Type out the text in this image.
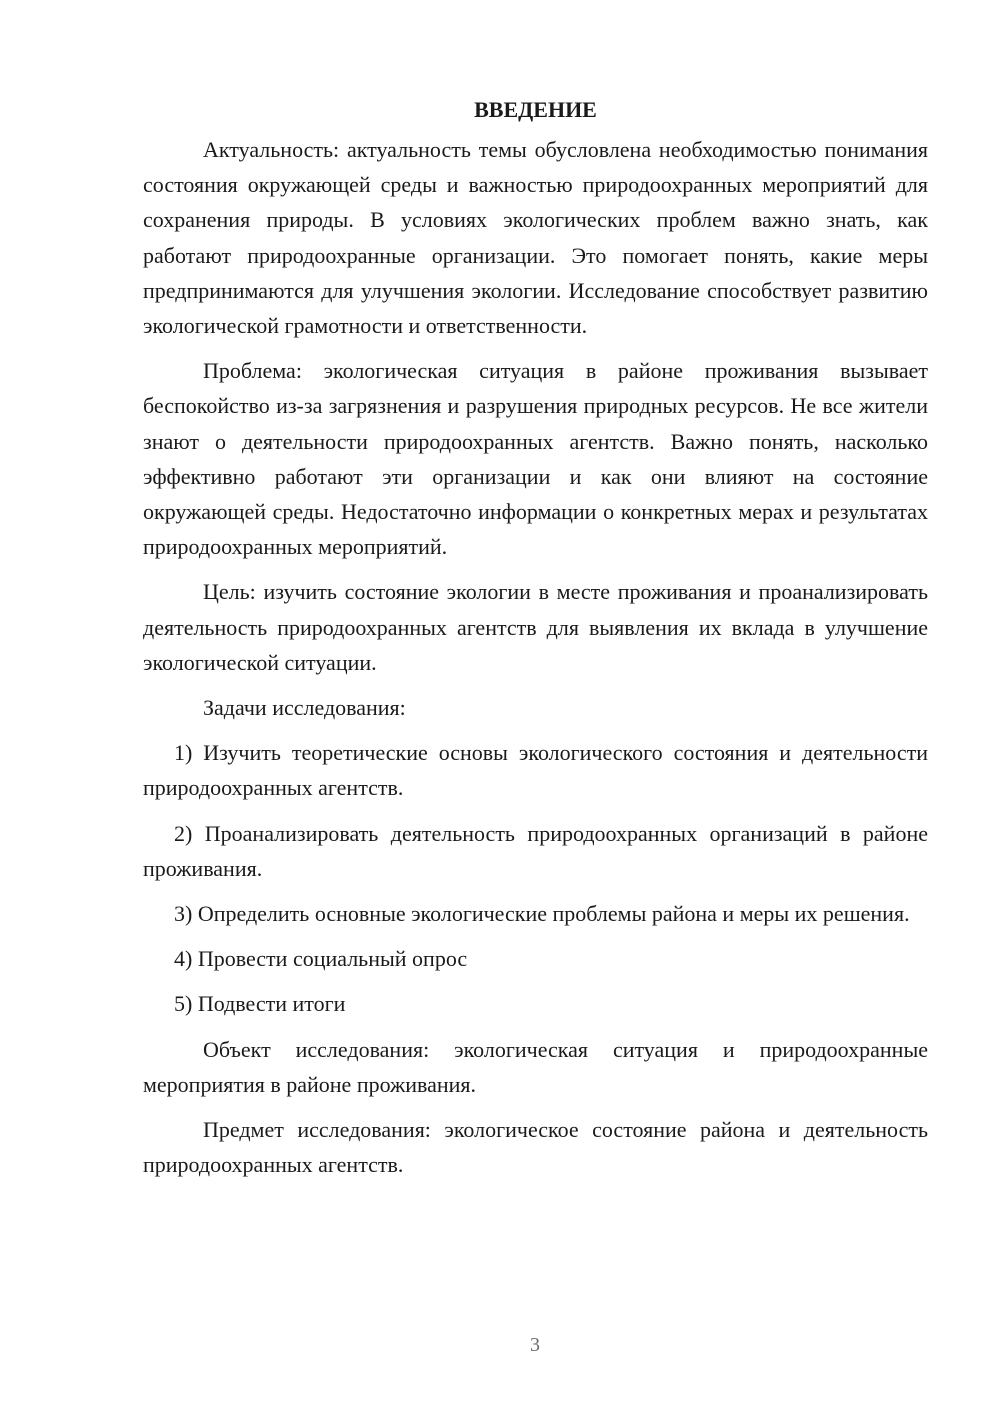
ВВЕДЕНИЕ

Актуальность: актуальность темы обусловлена необходимостью понимания состояния окружающей среды и важностью природоохранных мероприятий для сохранения природы. В условиях экологических проблем важно знать, как работают природоохранные организации. Это помогает понять, какие меры предпринимаются для улучшения экологии. Исследование способствует развитию экологической грамотности и ответственности.

Проблема: экологическая ситуация в районе проживания вызывает беспокойство из-за загрязнения и разрушения природных ресурсов. Не все жители знают о деятельности природоохранных агентств. Важно понять, насколько эффективно работают эти организации и как они влияют на состояние окружающей среды. Недостаточно информации о конкретных мерах и результатах природоохранных мероприятий.

Цель: изучить состояние экологии в месте проживания и проанализировать деятельность природоохранных агентств для выявления их вклада в улучшение экологической ситуации.

Задачи исследования:

1) Изучить теоретические основы экологического состояния и деятельности природоохранных агентств.

2) Проанализировать деятельность природоохранных организаций в районе проживания.

3) Определить основные экологические проблемы района и меры их решения.

4) Провести социальный опрос

5) Подвести итоги

Объект исследования: экологическая ситуация и природоохранные мероприятия в районе проживания.

Предмет исследования: экологическое состояние района и деятельность природоохранных агентств.

3
